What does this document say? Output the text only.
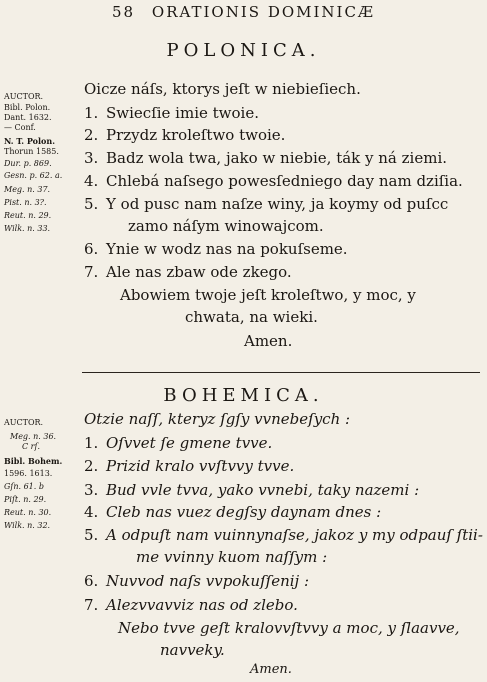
58 ORATIONIS DOMINICÆ
POLONICA.
AUCTOR.
Bibl. Polon.
Dant. 1632.
— Conf.
N. T. Polon.
Thorun 1585.
Dur. p. 869.
Gesn. p. 62. a.
Meg. n. 37.
Pist. n. 3?.
Reut. n. 29.
Wilk. n. 33.
Oicze náſs, ktorys jeſt w niebieſiech.
1. Swiecſie imie twoie.
2. Przydz kroleſtwo twoie.
3. Badz wola twa, jako w niebie, ták y ná ziemi.
4. Chlebá naſsego powesſedniego day nam dziſia.
5. Y od pusc nam naſze winy, ja koymy od puſcc
zamo náſym winowajcom.
6. Ynie w wodz nas na pokuſseme.
7. Ale nas zbaw ode zkego.
Abowiem twoje jeſt kroleſtwo, y moc, y
chwata, na wieki.
Amen.
BOHEMICA.
AUCTOR.
Meg. n. 36.
C rſ.
Bibl. Bohem.
1596. 1613.
Gſn. 61. b
Piſt. n. 29.
Reut. n. 30.
Wilk. n. 32.
Otzie naſſ, kteryz ſgſy vvnebeſych :
1. Oſvvet ſe gmene tvve.
2. Prizid kralo vvſtvvy tvve.
3. Bud vvle tvva, yako vvnebi, taky nazemi :
4. Cleb nas vuez degſsy daynam dnes :
5. A odpuſt nam vuinnynaſse, jakoz y my odpauſ ſtii-
me vvinny kuom naſſym :
6. Nuvvod naſs vvpokuſſenij :
7. Alezvvavviz nas od zlebo.
Nebo tvve geſt kralovvſtvvy a moc, y ſlaavve,
navveky.
Amen.
